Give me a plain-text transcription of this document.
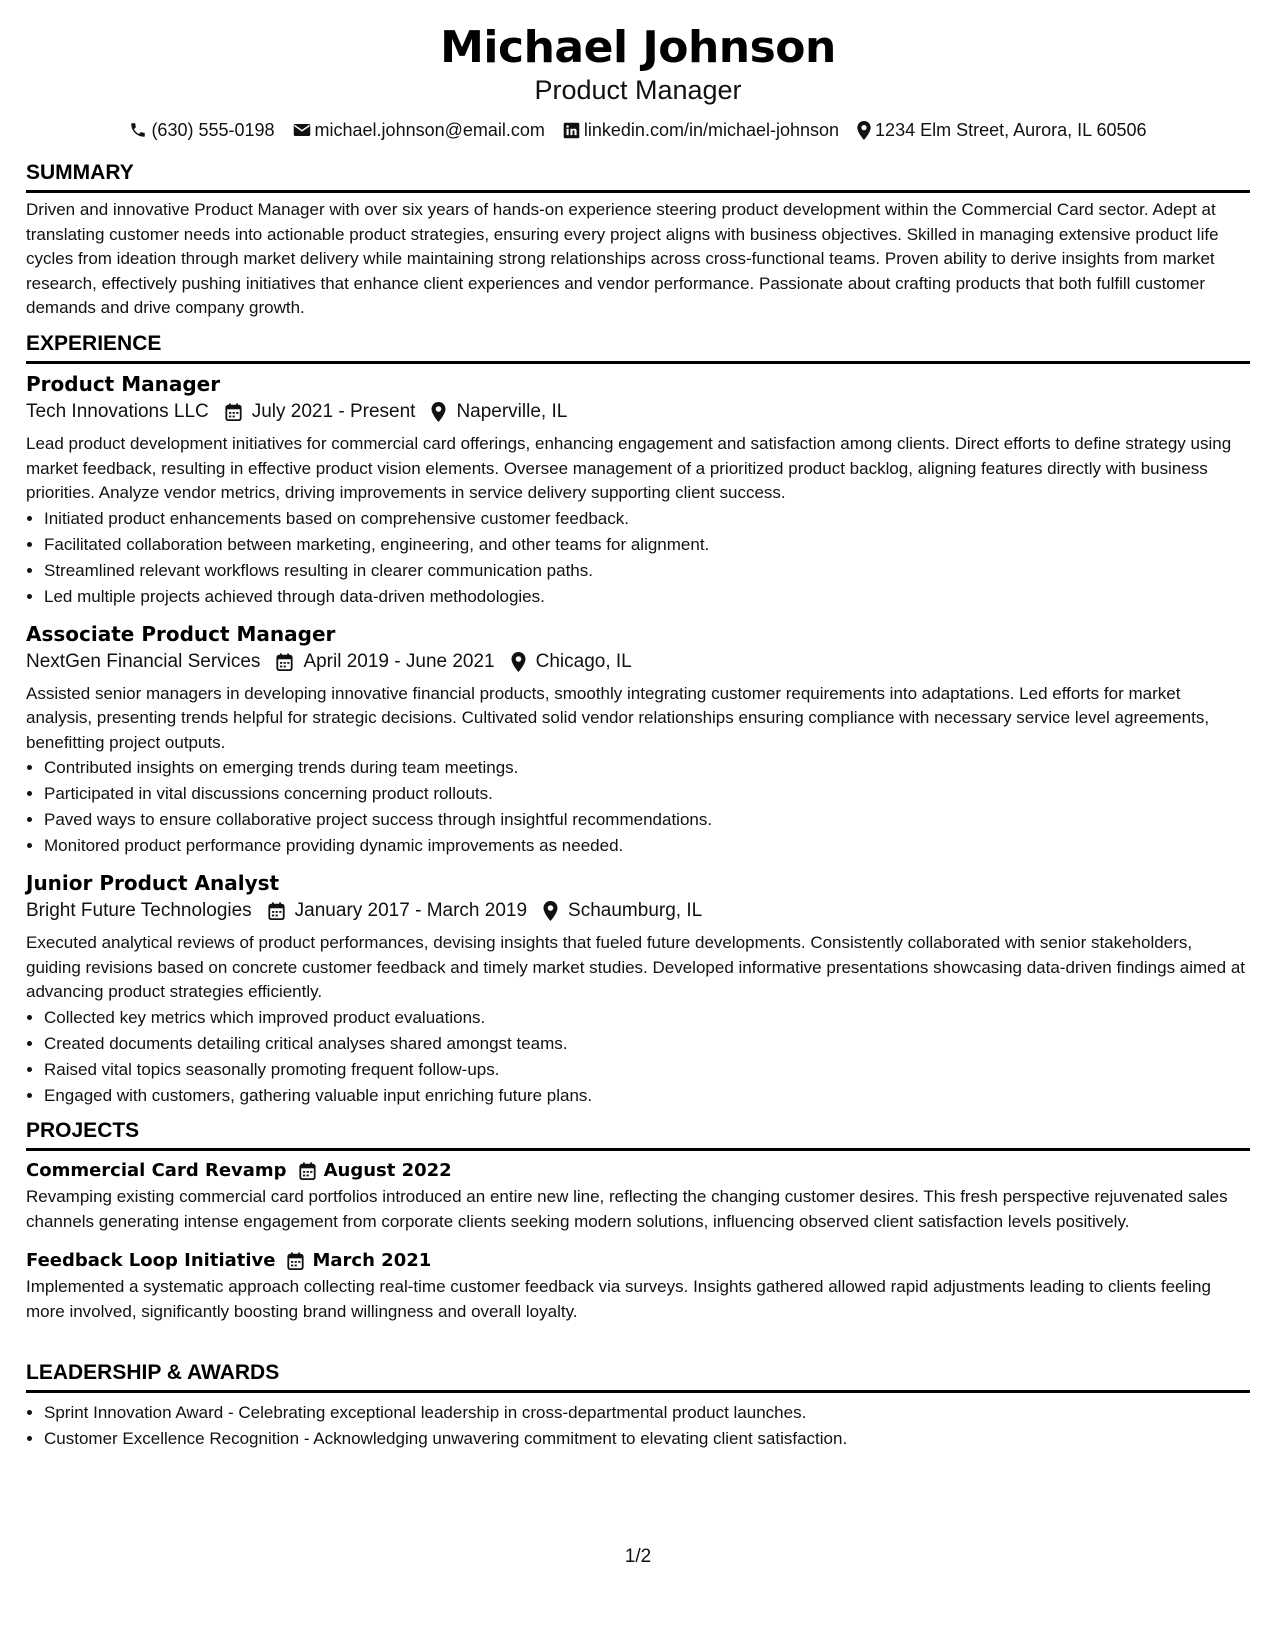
Michael Johnson
Product Manager
(630) 555-0198 michael.johnson@email.com linkedin.com/in/michael-johnson 1234 Elm Street, Aurora, IL 60506
SUMMARY

Driven and innovative Product Manager with over six years of hands-on experience steering product development within the Commercial Card sector. Adept at translating customer needs into actionable product strategies, ensuring every project aligns with business objectives. Skilled in managing extensive product life cycles from ideation through market delivery while maintaining strong relationships across cross-functional teams. Proven ability to derive insights from market research, effectively pushing initiatives that enhance client experiences and vendor performance. Passionate about crafting products that both fulfill customer demands and drive company growth.

EXPERIENCE
Product Manager
Tech Innovations LLC July 2021 - Present Naperville, IL

Lead product development initiatives for commercial card offerings, enhancing engagement and satisfaction among clients. Direct efforts to define strategy using market feedback, resulting in effective product vision elements. Oversee management of a prioritized product backlog, aligning features directly with business priorities. Analyze vendor metrics, driving improvements in service delivery supporting client success.

• Initiated product enhancements based on comprehensive customer feedback.
• Facilitated collaboration between marketing, engineering, and other teams for alignment.
• Streamlined relevant workflows resulting in clearer communication paths.
• Led multiple projects achieved through data-driven methodologies.
Associate Product Manager
NextGen Financial Services April 2019 - June 2021 Chicago, IL

Assisted senior managers in developing innovative financial products, smoothly integrating customer requirements into adaptations. Led efforts for market analysis, presenting trends helpful for strategic decisions. Cultivated solid vendor relationships ensuring compliance with necessary service level agreements, benefitting project outputs.

• Contributed insights on emerging trends during team meetings.
• Participated in vital discussions concerning product rollouts.
• Paved ways to ensure collaborative project success through insightful recommendations.
• Monitored product performance providing dynamic improvements as needed.
Junior Product Analyst
Bright Future Technologies January 2017 - March 2019 Schaumburg, IL

Executed analytical reviews of product performances, devising insights that fueled future developments. Consistently collaborated with senior stakeholders, guiding revisions based on concrete customer feedback and timely market studies. Developed informative presentations showcasing data-driven findings aimed at advancing product strategies efficiently.

• Collected key metrics which improved product evaluations.
• Created documents detailing critical analyses shared amongst teams.
• Raised vital topics seasonally promoting frequent follow-ups.
• Engaged with customers, gathering valuable input enriching future plans.
PROJECTS
Commercial Card Revamp August 2022

Revamping existing commercial card portfolios introduced an entire new line, reflecting the changing customer desires. This fresh perspective rejuvenated sales channels generating intense engagement from corporate clients seeking modern solutions, influencing observed client satisfaction levels positively.

Feedback Loop Initiative March 2021

Implemented a systematic approach collecting real-time customer feedback via surveys. Insights gathered allowed rapid adjustments leading to clients feeling more involved, significantly boosting brand willingness and overall loyalty.

LEADERSHIP & AWARDS
• Sprint Innovation Award - Celebrating exceptional leadership in cross-departmental product launches.
• Customer Excellence Recognition - Acknowledging unwavering commitment to elevating client satisfaction.
1/2
